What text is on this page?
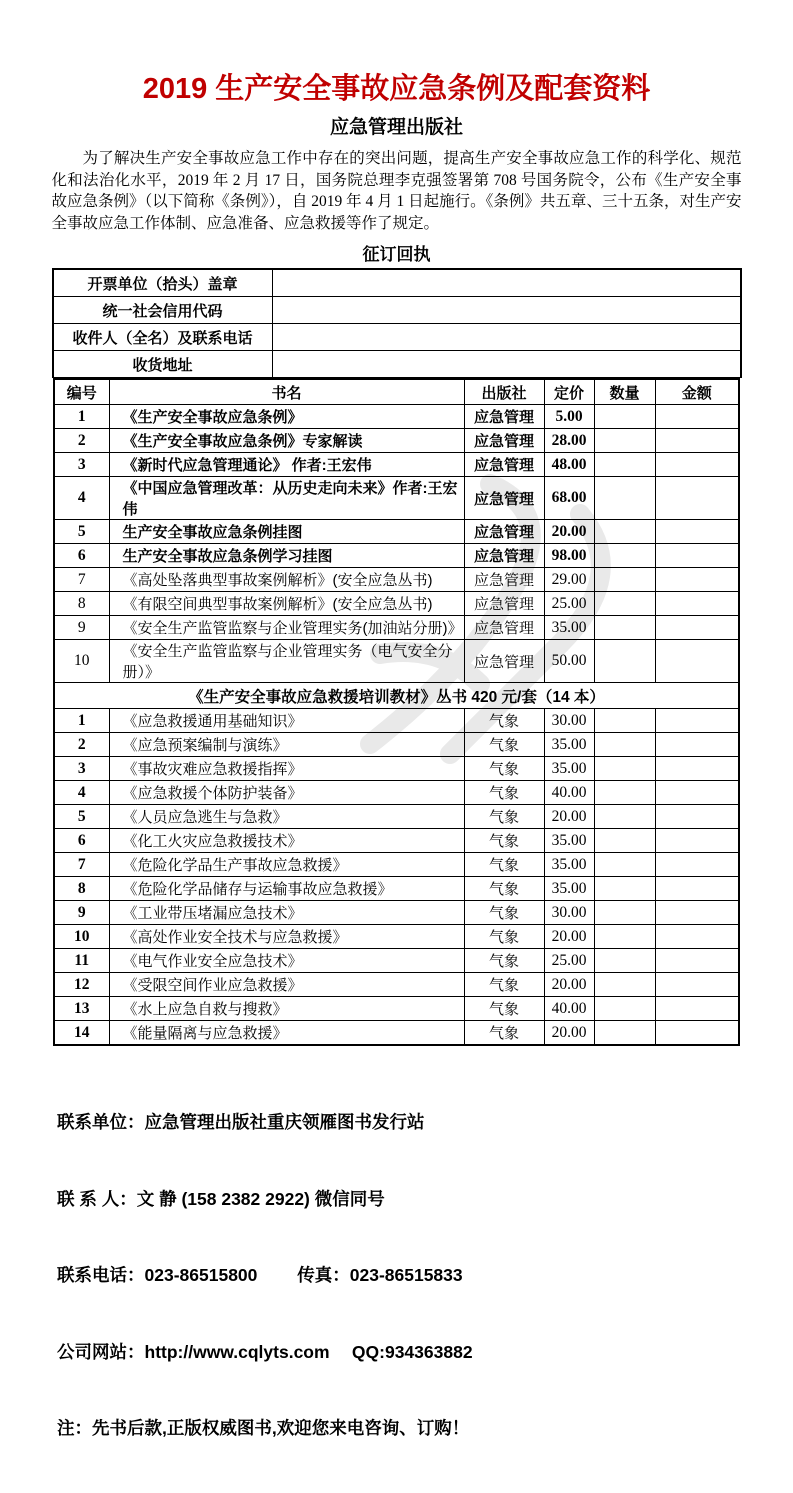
2019 生产安全事故应急条例及配套资料
应急管理出版社

为了解决生产安全事故应急工作中存在的突出问题，提高生产安全事故应急工作的科学化、规范化和法治化水平，2019 年 2 月 17 日，国务院总理李克强签署第 708 号国务院令，公布《生产安全事故应急条例》（以下简称《条例》），自 2019 年 4 月 1 日起施行。《条例》共五章、三十五条，对生产安全事故应急工作体制、应急准备、应急救援等作了规定。

征订回执
开票单位（拾头）盖章	
统一社会信用代码	
收件人（全名）及联系电话	
收货地址	
编号	书名	出版社	定价	数量	金额
1	《生产安全事故应急条例》	应急管理	5.00		
2	《生产安全事故应急条例》专家解读	应急管理	28.00		
3	《新时代应急管理通论》 作者:王宏伟	应急管理	48.00		
4	《中国应急管理改革：从历史走向未来》作者:王宏伟	应急管理	68.00		
5	生产安全事故应急条例挂图	应急管理	20.00		
6	生产安全事故应急条例学习挂图	应急管理	98.00		
7	《高处坠落典型事故案例解析》(安全应急丛书)	应急管理	29.00		
8	《有限空间典型事故案例解析》(安全应急丛书)	应急管理	25.00		
9	《安全生产监管监察与企业管理实务(加油站分册)》	应急管理	35.00		
10	《安全生产监管监察与企业管理实务（电气安全分册）》	应急管理	50.00		
《生产安全事故应急救援培训教材》丛书 420 元/套（14 本）					
1	《应急救援通用基础知识》	气象	30.00		
2	《应急预案编制与演练》	气象	35.00		
3	《事故灾难应急救援指挥》	气象	35.00		
4	《应急救援个体防护装备》	气象	40.00		
5	《人员应急逃生与急救》	气象	20.00		
6	《化工火灾应急救援技术》	气象	35.00		
7	《危险化学品生产事故应急救援》	气象	35.00		
8	《危险化学品储存与运输事故应急救援》	气象	35.00		
9	《工业带压堵漏应急技术》	气象	30.00		
10	《高处作业安全技术与应急救援》	气象	20.00		
11	《电气作业安全应急技术》	气象	25.00		
12	《受限空间作业应急救援》	气象	20.00		
13	《水上应急自救与搜救》	气象	40.00		
14	《能量隔离与应急救援》	气象	20.00		

联系单位：应急管理出版社重庆领雁图书发行站

联 系 人：文 静 (158 2382 2922) 微信同号

联系电话：023-86515800　　 传真：023-86515833

公司网站：http://www.cqlyts.com　 QQ:934363882

注：先书后款,正版权威图书,欢迎您来电咨询、订购！
